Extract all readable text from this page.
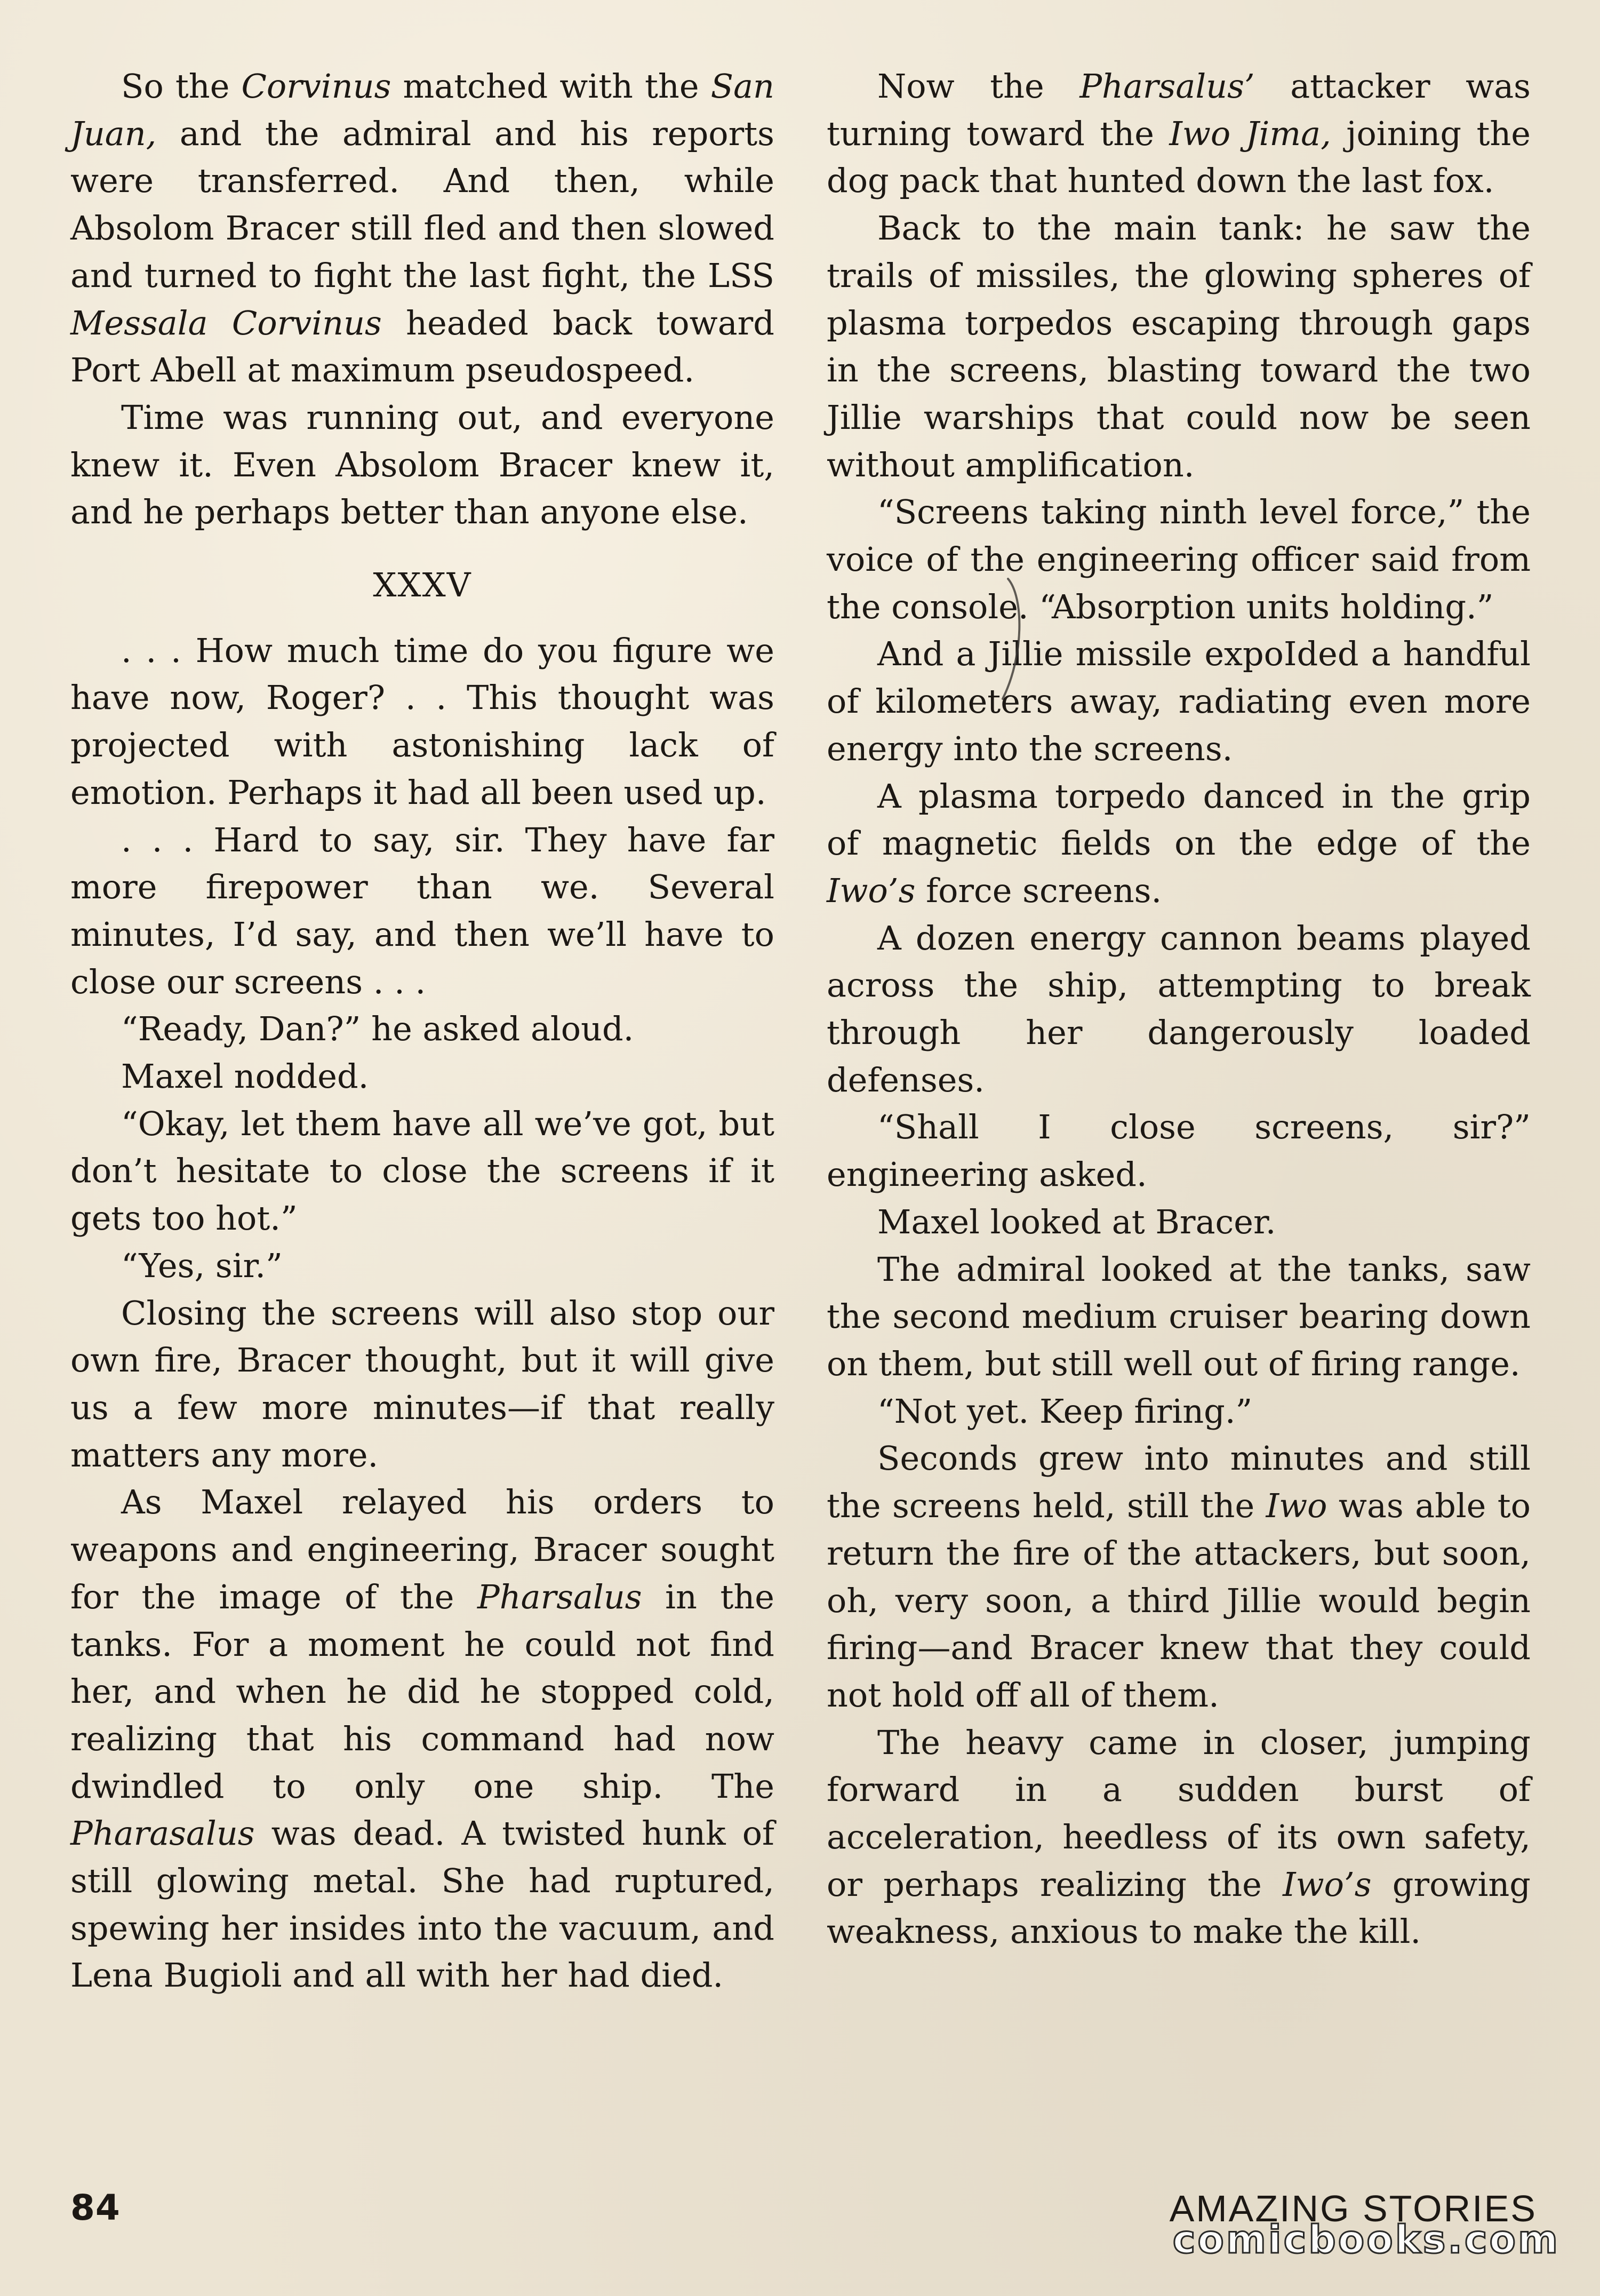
So the Corvinus matched with the San Juan, and the admiral and his reports were transferred. And then, while Absolom Bracer still fled and then slowed and turned to fight the last fight, the LSS Messala Corvinus headed back toward Port Abell at maximum pseudospeed.

Time was running out, and everyone knew it. Even Absolom Bracer knew it, and he perhaps better than anyone else.

XXXV

. . . How much time do you figure we have now, Roger? . . This thought was projected with astonishing lack of emotion. Perhaps it had all been used up.

. . . Hard to say, sir. They have far more firepower than we. Several minutes, I’d say, and then we’ll have to close our screens . . .

“Ready, Dan?” he asked aloud.

Maxel nodded.

“Okay, let them have all we’ve got, but don’t hesitate to close the screens if it gets too hot.”

“Yes, sir.”

Closing the screens will also stop our own fire, Bracer thought, but it will give us a few more minutes—if that really matters any more.

As Maxel relayed his orders to weapons and engineering, Bracer sought for the image of the Pharsalus in the tanks. For a moment he could not find her, and when he did he stopped cold, realizing that his command had now dwindled to only one ship. The Pharasalus was dead. A twisted hunk of still glowing metal. She had ruptured, spewing her insides into the vacuum, and Lena Bugioli and all with her had died.

Now the Pharsalus’ attacker was turning toward the Iwo Jima, joining the dog pack that hunted down the last fox.

Back to the main tank: he saw the trails of missiles, the glowing spheres of plasma torpedos escaping through gaps in the screens, blasting toward the two Jillie warships that could now be seen without amplification.

“Screens taking ninth level force,” the voice of the engineering officer said from the console. “Absorption units holding.”

And a Jillie missile expoIded a handful of kilometers away, radiating even more energy into the screens.

A plasma torpedo danced in the grip of magnetic fields on the edge of the Iwo’s force screens.

A dozen energy cannon beams played across the ship, attempting to break through her dangerously loaded defenses.

“Shall I close screens, sir?” engineering asked.

Maxel looked at Bracer.

The admiral looked at the tanks, saw the second medium cruiser bearing down on them, but still well out of firing range.

“Not yet. Keep firing.”

Seconds grew into minutes and still the screens held, still the Iwo was able to return the fire of the attackers, but soon, oh, very soon, a third Jillie would begin firing—and Bracer knew that they could not hold off all of them.

The heavy came in closer, jumping forward in a sudden burst of acceleration, heedless of its own safety, or perhaps realizing the Iwo’s growing weakness, anxious to make the kill.

84	AMAZING STORIES
comicbooks.com
